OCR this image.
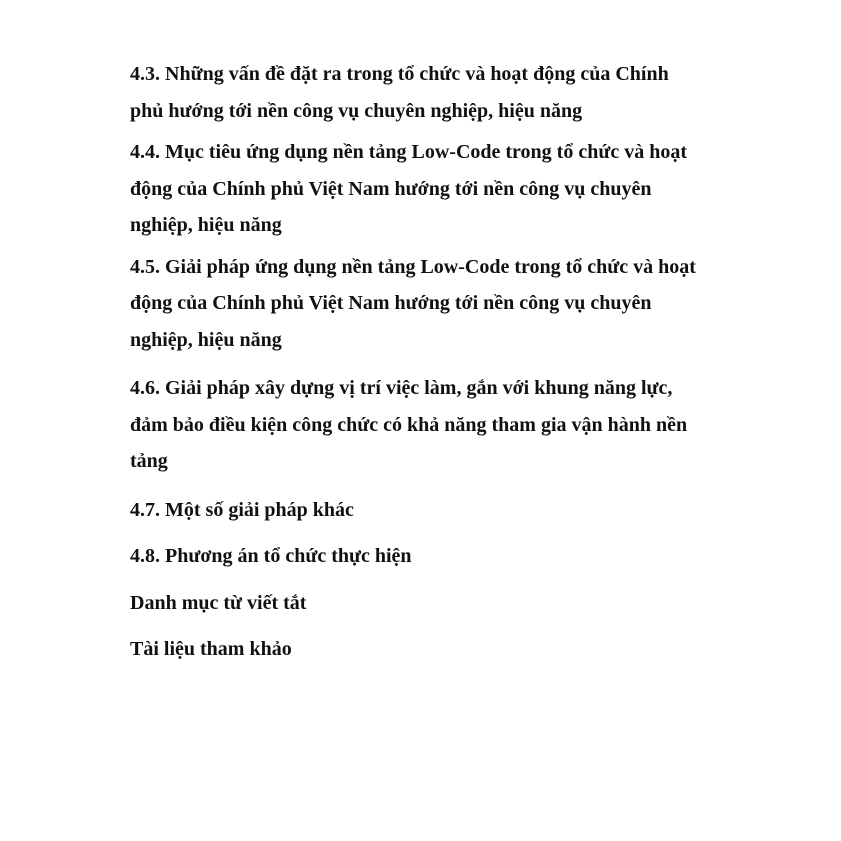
4.3. Những vấn đề đặt ra trong tổ chức và hoạt động của Chính
phủ hướng tới nền công vụ chuyên nghiệp, hiệu năng

4.4. Mục tiêu ứng dụng nền tảng Low-Code trong tổ chức và hoạt
động của Chính phủ Việt Nam hướng tới nền công vụ chuyên
nghiệp, hiệu năng

4.5. Giải pháp ứng dụng nền tảng Low-Code trong tổ chức và hoạt
động của Chính phủ Việt Nam hướng tới nền công vụ chuyên
nghiệp, hiệu năng

4.6. Giải pháp xây dựng vị trí việc làm, gắn với khung năng lực,
đảm bảo điều kiện công chức có khả năng tham gia vận hành nền
tảng

4.7. Một số giải pháp khác

4.8. Phương án tổ chức thực hiện

Danh mục từ viết tắt

Tài liệu tham khảo
